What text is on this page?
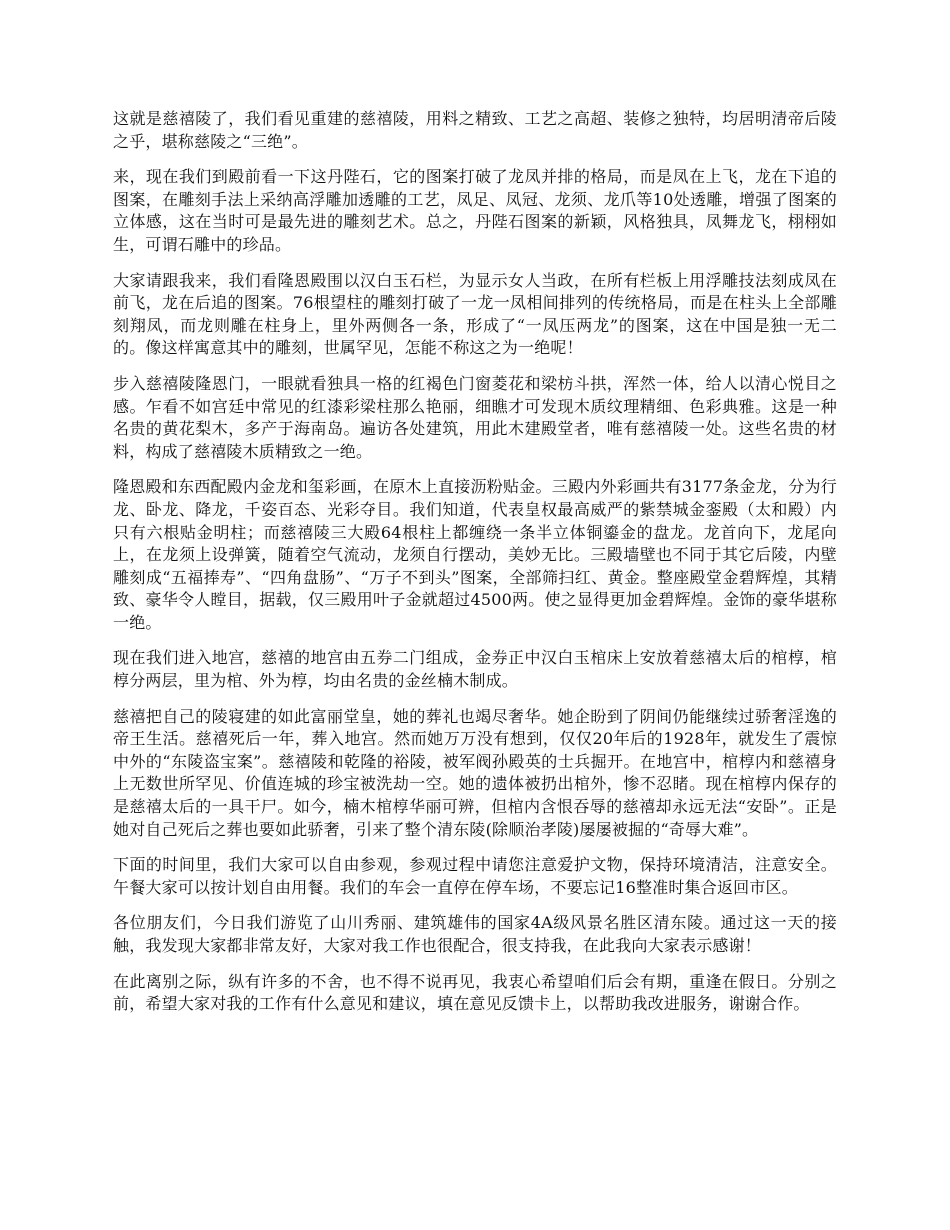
这就是慈禧陵了，我们看见重建的慈禧陵，用料之精致、工艺之高超、装修之独特，均居明清帝后陵之乎，堪称慈陵之“三绝”。

来，现在我们到殿前看一下这丹陛石，它的图案打破了龙凤并排的格局，而是凤在上飞，龙在下追的图案，在雕刻手法上采纳高浮雕加透雕的工艺，凤足、凤冠、龙须、龙爪等10处透雕，增强了图案的立体感，这在当时可是最先进的雕刻艺术。总之，丹陛石图案的新颖，风格独具，凤舞龙飞，栩栩如生，可谓石雕中的珍品。

大家请跟我来，我们看隆恩殿围以汉白玉石栏，为显示女人当政，在所有栏板上用浮雕技法刻成凤在前飞，龙在后追的图案。76根望柱的雕刻打破了一龙一凤相间排列的传统格局，而是在柱头上全部雕刻翔凤，而龙则雕在柱身上，里外两侧各一条，形成了“一凤压两龙”的图案，这在中国是独一无二的。像这样寓意其中的雕刻，世属罕见，怎能不称这之为一绝呢！

步入慈禧陵隆恩门，一眼就看独具一格的红褐色门窗菱花和梁枋斗拱，浑然一体，给人以清心悦目之感。乍看不如宫廷中常见的红漆彩梁柱那么艳丽，细瞧才可发现木质纹理精细、色彩典雅。这是一种名贵的黄花梨木，多产于海南岛。遍访各处建筑，用此木建殿堂者，唯有慈禧陵一处。这些名贵的材料，构成了慈禧陵木质精致之一绝。

隆恩殿和东西配殿内金龙和玺彩画，在原木上直接沥粉贴金。三殿内外彩画共有3177条金龙，分为行龙、卧龙、降龙，千姿百态、光彩夺目。我们知道，代表皇权最高威严的紫禁城金銮殿（太和殿）内只有六根贴金明柱；而慈禧陵三大殿64根柱上都缠绕一条半立体铜鎏金的盘龙。龙首向下，龙尾向上，在龙须上设弹簧，随着空气流动，龙须自行摆动，美妙无比。三殿墙壁也不同于其它后陵，内壁雕刻成“五福捧寿”、“四角盘肠”、“万子不到头”图案，全部筛扫红、黄金。整座殿堂金碧辉煌，其精致、豪华令人瞠目，据载，仅三殿用叶子金就超过4500两。使之显得更加金碧辉煌。金饰的豪华堪称一绝。

现在我们进入地宫，慈禧的地宫由五券二门组成，金券正中汉白玉棺床上安放着慈禧太后的棺椁，棺椁分两层，里为棺、外为椁，均由名贵的金丝楠木制成。

慈禧把自己的陵寝建的如此富丽堂皇，她的葬礼也竭尽奢华。她企盼到了阴间仍能继续过骄奢淫逸的帝王生活。慈禧死后一年，葬入地宫。然而她万万没有想到，仅仅20年后的1928年，就发生了震惊中外的“东陵盗宝案”。慈禧陵和乾隆的裕陵，被军阀孙殿英的士兵掘开。在地宫中，棺椁内和慈禧身上无数世所罕见、价值连城的珍宝被洗劫一空。她的遗体被扔出棺外，惨不忍睹。现在棺椁内保存的是慈禧太后的一具干尸。如今，楠木棺椁华丽可辨，但棺内含恨吞辱的慈禧却永远无法“安卧”。正是她对自己死后之葬也要如此骄奢，引来了整个清东陵(除顺治孝陵)屡屡被掘的“奇辱大难”。

下面的时间里，我们大家可以自由参观，参观过程中请您注意爱护文物，保持环境清洁，注意安全。午餐大家可以按计划自由用餐。我们的车会一直停在停车场，不要忘记16整准时集合返回市区。

各位朋友们，今日我们游览了山川秀丽、建筑雄伟的国家4A级风景名胜区清东陵。通过这一天的接触，我发现大家都非常友好，大家对我工作也很配合，很支持我，在此我向大家表示感谢！

在此离别之际，纵有许多的不舍，也不得不说再见，我衷心希望咱们后会有期，重逢在假日。分别之前，希望大家对我的工作有什么意见和建议，填在意见反馈卡上，以帮助我改进服务，谢谢合作。
